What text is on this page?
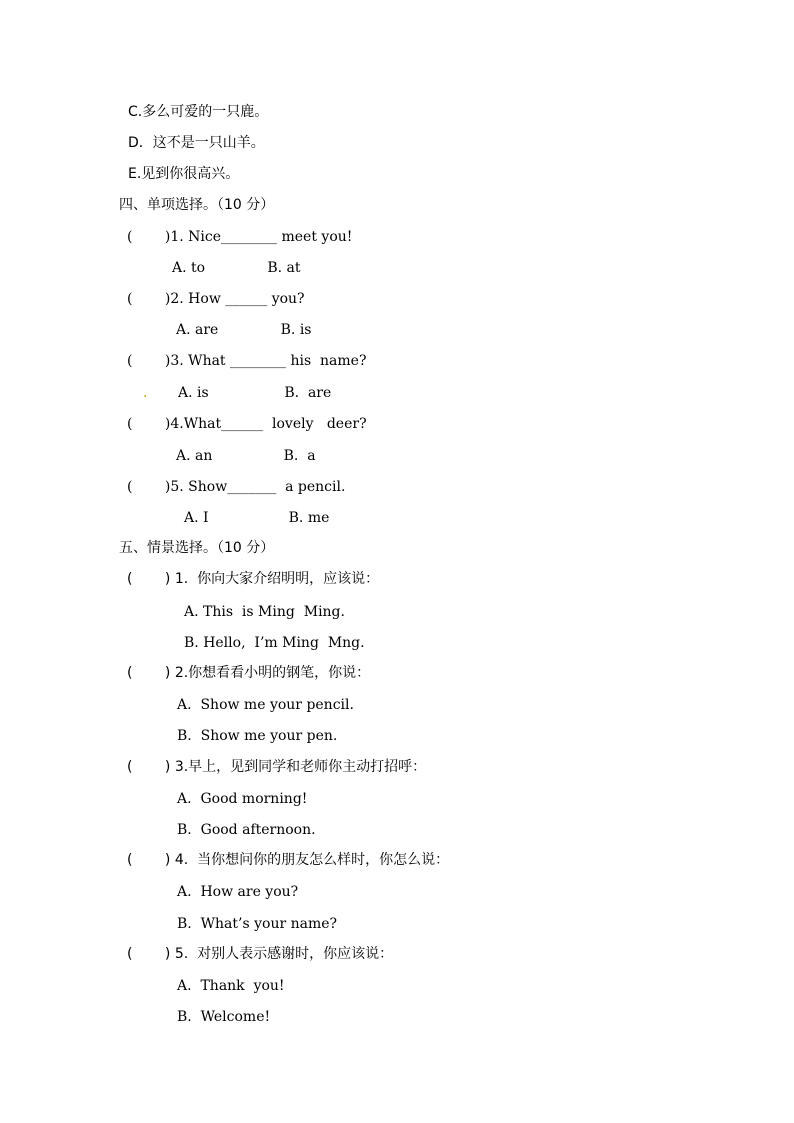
C.多么可爱的一只鹿。
D．这不是一只山羊。
E.见到你很高兴。
四、单项选择。（10 分）
(　 　)1. Nice________ meet you!
A. to              B. at
(　 　)2. How ______ you?
A. are              B. is
(　 　)3. What ________ his  name?
. A. is                 B.  are
(　 　)4.What______  lovely   deer?
A. an                B.  a
(　 　)5. Show_______  a pencil.
A. I                  B. me
五、情景选择。（10 分）
(　　 ) 1.  你向大家介绍明明，应该说：
A. This  is Ming  Ming.
B. Hello,  I’m Ming  Mng.
(　　 ) 2.你想看看小明的钢笔，你说：
A.  Show me your pencil.
B.  Show me your pen.
(　　 ) 3.早上，见到同学和老师你主动打招呼：
A.  Good morning!
B.  Good afternoon.
(　　 ) 4.  当你想问你的朋友怎么样时，你怎么说：
A.  How are you?
B.  What’s your name?
(　　 ) 5.  对别人表示感谢时，你应该说：
A.  Thank  you!
B.  Welcome!
